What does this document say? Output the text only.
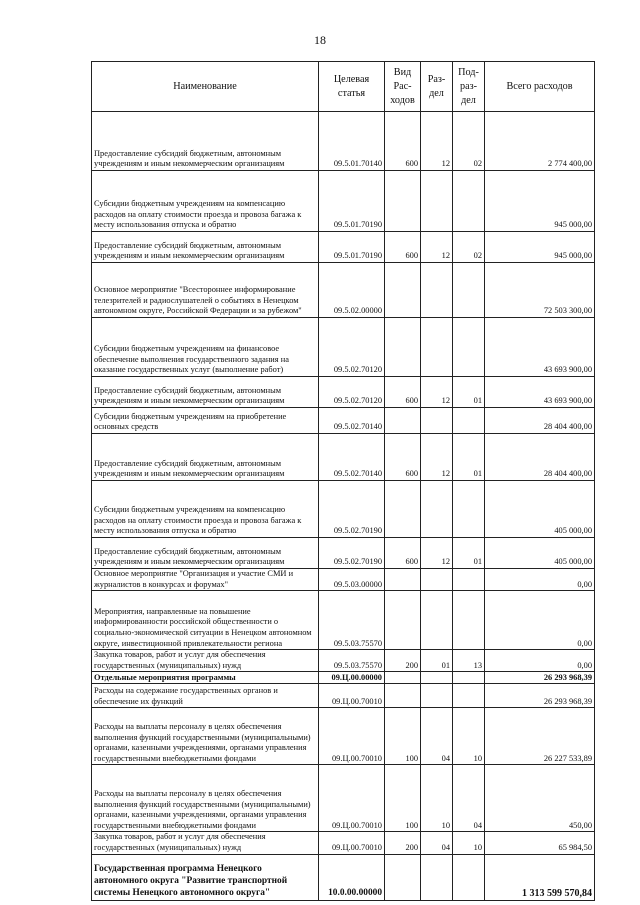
18
Наименование	Целевая статья	Вид Рас-ходов	Раз-дел	Под-раз-дел	Всего расходов
Предоставление субсидий бюджетным, автономным учреждениям и иным некоммерческим организациям	09.5.01.70140	600	12	02	2 774 400,00
Субсидии бюджетным учреждениям на компенсацию расходов на оплату стоимости проезда и провоза багажа к месту использования отпуска и обратно	09.5.01.70190				945 000,00
Предоставление субсидий бюджетным, автономным учреждениям и иным некоммерческим организациям	09.5.01.70190	600	12	02	945 000,00
Основное мероприятие "Всестороннее информирование телезрителей и радиослушателей о событиях в Ненецком автономном округе, Российской Федерации и за рубежом"	09.5.02.00000				72 503 300,00
Субсидии бюджетным учреждениям на финансовое обеспечение выполнения государственного задания на оказание государственных услуг (выполнение работ)	09.5.02.70120				43 693 900,00
Предоставление субсидий бюджетным, автономным учреждениям и иным некоммерческим организациям	09.5.02.70120	600	12	01	43 693 900,00
Субсидии бюджетным учреждениям на приобретение основных средств	09.5.02.70140				28 404 400,00
Предоставление субсидий бюджетным, автономным учреждениям и иным некоммерческим организациям	09.5.02.70140	600	12	01	28 404 400,00
Субсидии бюджетным учреждениям на компенсацию расходов на оплату стоимости проезда и провоза багажа к месту использования отпуска и обратно	09.5.02.70190				405 000,00
Предоставление субсидий бюджетным, автономным учреждениям и иным некоммерческим организациям	09.5.02.70190	600	12	01	405 000,00
Основное мероприятие "Организация и участие СМИ и журналистов в конкурсах и форумах"	09.5.03.00000				0,00
Мероприятия, направленные на повышение информированности российской общественности о социально-экономической ситуации в Ненецком автономном округе, инвестиционной привлекательности региона	09.5.03.75570				0,00
Закупка товаров, работ и услуг для обеспечения государственных (муниципальных) нужд	09.5.03.75570	200	01	13	0,00
Отдельные мероприятия программы	09.Ц.00.00000				26 293 968,39
Расходы на содержание государственных органов и обеспечение их функций	09.Ц.00.70010				26 293 968,39
Расходы на выплаты персоналу в целях обеспечения выполнения функций государственными (муниципальными) органами, казенными учреждениями, органами управления государственными внебюджетными фондами	09.Ц.00.70010	100	04	10	26 227 533,89
Расходы на выплаты персоналу в целях обеспечения выполнения функций государственными (муниципальными) органами, казенными учреждениями, органами управления государственными внебюджетными фондами	09.Ц.00.70010	100	10	04	450,00
Закупка товаров, работ и услуг для обеспечения государственных (муниципальных) нужд	09.Ц.00.70010	200	04	10	65 984,50
Государственная программа Ненецкого автономного округа "Развитие транспортной системы Ненецкого автономного округа"	10.0.00.00000				1 313 599 570,84
